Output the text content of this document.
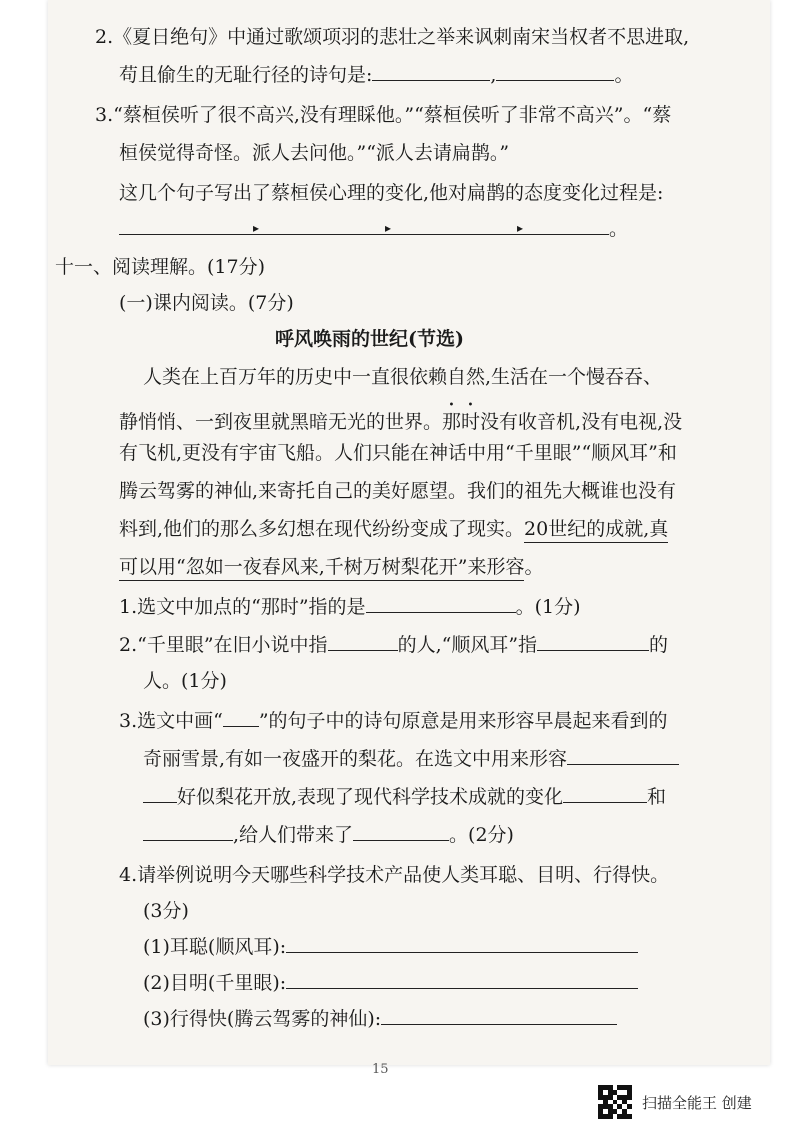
2.《夏日绝句》中通过歌颂项羽的悲壮之举来讽刺南宋当权者不思进取,
苟且偷生的无耻行径的诗句是:	,	。
3.“蔡桓侯听了很不高兴,没有理睬他。”“蔡桓侯听了非常不高兴”。“蔡
桓侯觉得奇怪。派人去问他。”“派人去请扁鹊。”
这几个句子写出了蔡桓侯心理的变化,他对扁鹊的态度变化过程是:
▸▸▸。
十一、阅读理解。(17分)
(一)课内阅读。(7分)
呼风唤雨的世纪(节选)
人类在上百万年的历史中一直很依赖自然,生活在一个慢吞吞、
静悄悄、一到夜里就黑暗无光的世界。那时没有收音机,没有电视,没
有飞机,更没有宇宙飞船。人们只能在神话中用“千里眼”“顺风耳”和
腾云驾雾的神仙,来寄托自己的美好愿望。我们的祖先大概谁也没有
料到,他们的那么多幻想在现代纷纷变成了现实。20世纪的成就,真
可以用“忽如一夜春风来,千树万树梨花开”来形容。
1.选文中加点的“那时”指的是	。(1分)
2.“千里眼”在旧小说中指	的人,“顺风耳”指	的
人。(1分)
3.选文中画“ ”的句子中的诗句原意是用来形容早晨起来看到的
奇丽雪景,有如一夜盛开的梨花。在选文中用来形容
好似梨花开放,表现了现代科学技术成就的变化	和
,给人们带来了	。(2分)
4.请举例说明今天哪些科学技术产品使人类耳聪、目明、行得快。
(3分)
(1)耳聪(顺风耳):
(2)目明(千里眼):
(3)行得快(腾云驾雾的神仙):
15
扫描全能王 创建
